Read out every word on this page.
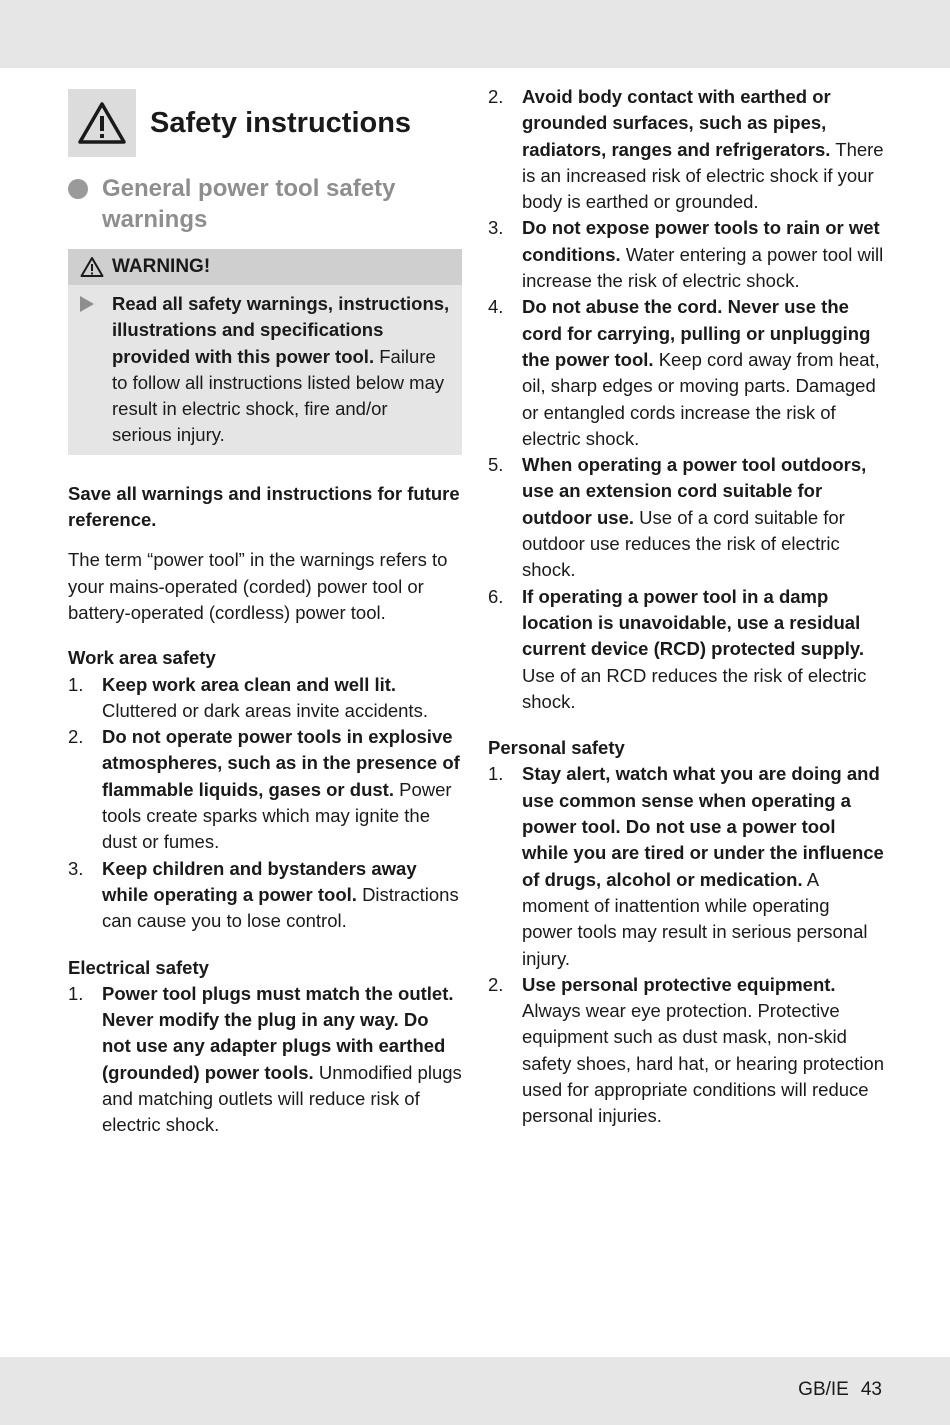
Safety instructions
General power tool safety warnings
WARNING!
Read all safety warnings, instructions, illustrations and specifications provided with this power tool. Failure to follow all instructions listed below may result in electric shock, fire and/or serious injury.
Save all warnings and instructions for future reference.
The term “power tool” in the warnings refers to your mains-operated (corded) power tool or battery-operated (cordless) power tool.
Work area safety
1.	Keep work area clean and well lit. Cluttered or dark areas invite accidents.
2.	Do not operate power tools in explosive atmospheres, such as in the presence of flammable liquids, gases or dust. Power tools create sparks which may ignite the dust or fumes.
3.	Keep children and bystanders away while operating a power tool. Distractions can cause you to lose control.
Electrical safety
1.	Power tool plugs must match the outlet. Never modify the plug in any way. Do not use any adapter plugs with earthed (grounded) power tools. Unmodified plugs and matching outlets will reduce risk of electric shock.
2.	Avoid body contact with earthed or grounded surfaces, such as pipes, radiators, ranges and refrigerators. There is an increased risk of electric shock if your body is earthed or grounded.
3.	Do not expose power tools to rain or wet conditions. Water entering a power tool will increase the risk of electric shock.
4.	Do not abuse the cord. Never use the cord for carrying, pulling or unplugging the power tool. Keep cord away from heat, oil, sharp edges or moving parts. Damaged or entangled cords increase the risk of electric shock.
5.	When operating a power tool outdoors, use an extension cord suitable for outdoor use. Use of a cord suitable for outdoor use reduces the risk of electric shock.
6.	If operating a power tool in a damp location is unavoidable, use a residual current device (RCD) protected supply. Use of an RCD reduces the risk of electric shock.
Personal safety
1.	Stay alert, watch what you are doing and use common sense when operating a power tool. Do not use a power tool while you are tired or under the influence of drugs, alcohol or medication. A moment of inattention while operating power tools may result in serious personal injury.
2.	Use personal protective equipment. Always wear eye protection. Protective equipment such as dust mask, non-skid safety shoes, hard hat, or hearing protection used for appropriate conditions will reduce personal injuries.
GB/IE 43
